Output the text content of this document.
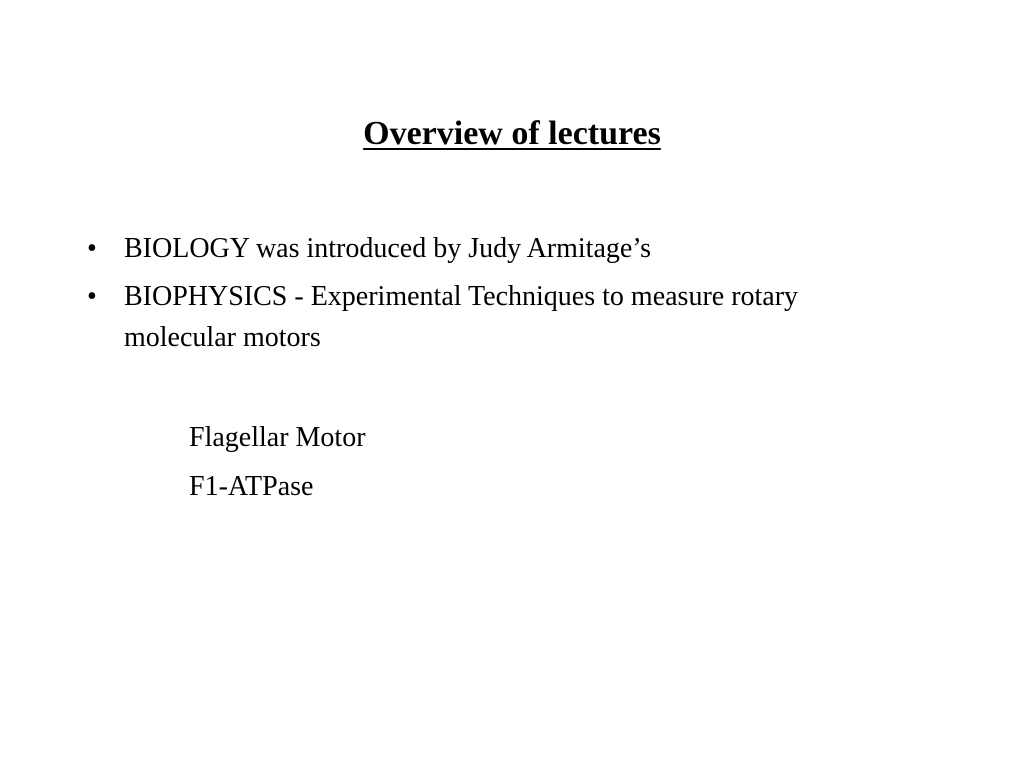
Overview of lectures
• BIOLOGY was introduced by Judy Armitage’s
• BIOPHYSICS - Experimental Techniques to measure rotary molecular motors
Flagellar Motor
F1-ATPase
